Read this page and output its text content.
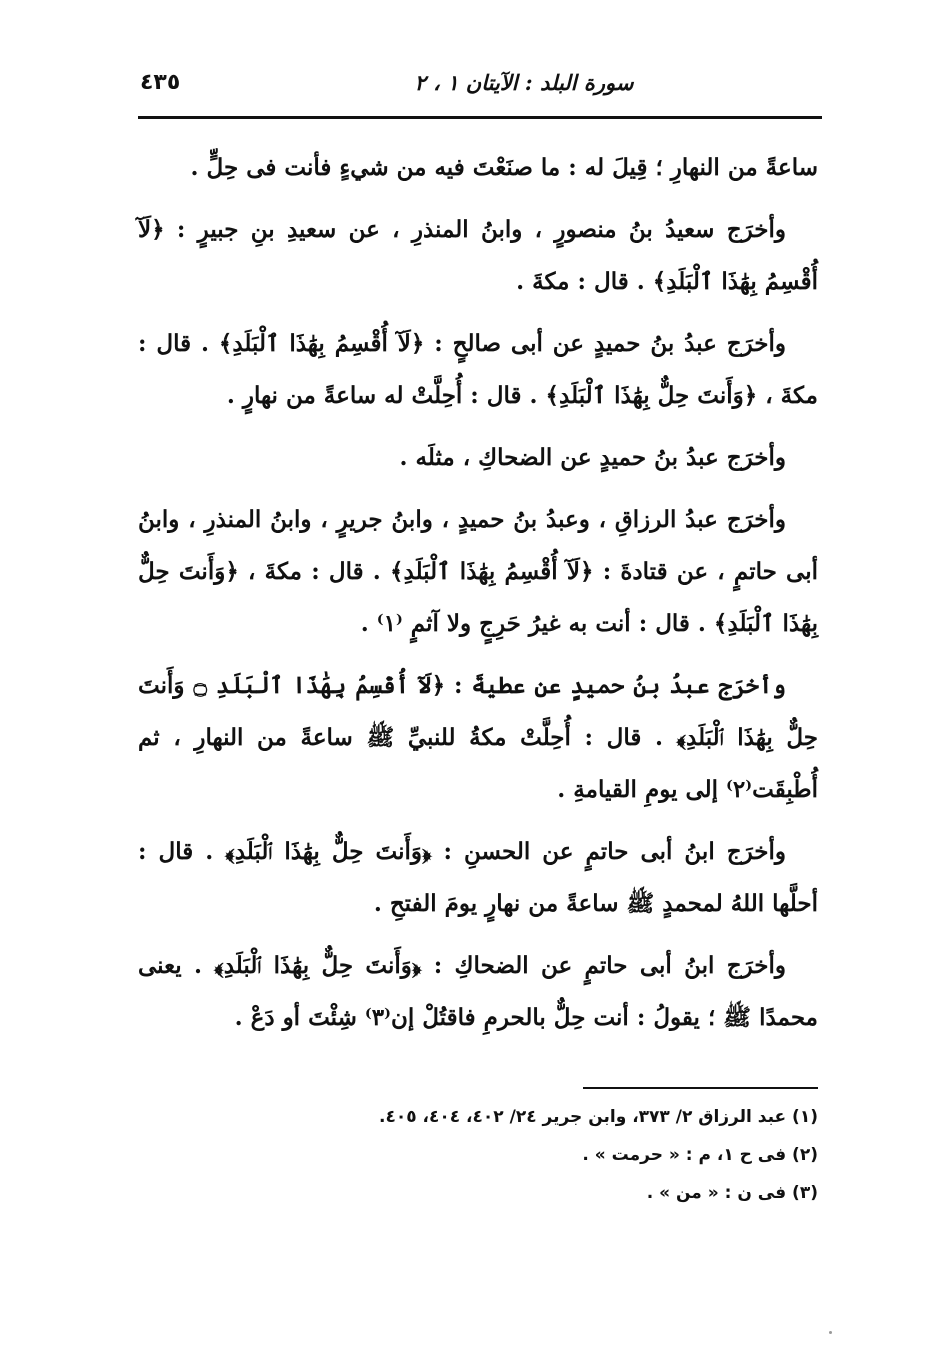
٤٣٥	سورة البلد : الآيتان ١ ، ٢

ساعةً من النهارِ ؛ قِيلَ له : ما صنَعْتَ فيه من شيءٍ فأنت فى حِلٍّ .

وأخرَج سعيدُ بنُ منصورٍ ، وابنُ المنذرِ ، عن سعيدِ بنِ جبيرٍ : ﴿لَآ أُقْسِمُ بِهَٰذَا ٱلْبَلَدِ﴾ . قال : مكةَ .

وأخرَج عبدُ بنُ حميدٍ عن أبى صالحٍ : ﴿لَآ أُقْسِمُ بِهَٰذَا ٱلْبَلَدِ﴾ . قال : مكةَ ، ﴿وَأَنتَ حِلٌّ بِهَٰذَا ٱلْبَلَدِ﴾ . قال : أُحِلَّتْ له ساعةً من نهارٍ .

وأخرَج عبدُ بنُ حميدٍ عن الضحاكِ ، مثلَه .

وأخرَج عبدُ الرزاقِ ، وعبدُ بنُ حميدٍ ، وابنُ جريرٍ ، وابنُ المنذرِ ، وابنُ أبى حاتمٍ ، عن قتادةَ : ﴿لَآ أُقْسِمُ بِهَٰذَا ٱلْبَلَدِ﴾ . قال : مكةَ ، ﴿وَأَنتَ حِلٌّ بِهَٰذَا ٱلْبَلَدِ﴾ . قال : أنت به غيرُ حَرِجٍ ولا آثمٍ ⁽١⁾ .

وأخرَج عبدُ بنُ حميدٍ عن عطيةَ : ﴿لَآ أُقْسِمُ بِهَٰذَا ٱلْبَلَدِ ۝ وَأَنتَ حِلٌّ بِهَٰذَا ٱلْبَلَدِ﴾ . قال : أُحِلَّتْ مكةُ للنبيِّ ﷺ ساعةً من النهارِ ، ثم أُطْبِقَت⁽٢⁾ إلى يومِ القيامةِ .

وأخرَج ابنُ أبى حاتمٍ عن الحسنِ : ﴿وَأَنتَ حِلٌّ بِهَٰذَا ٱلْبَلَدِ﴾ . قال : أحلَّها اللهُ لمحمدٍ ﷺ ساعةً من نهارٍ يومَ الفتحِ .

وأخرَج ابنُ أبى حاتمٍ عن الضحاكِ : ﴿وَأَنتَ حِلٌّ بِهَٰذَا ٱلْبَلَدِ﴾ . يعنى محمدًا ﷺ ؛ يقولُ : أنت حِلٌّ بالحرمِ فاقتُلْ إن⁽٣⁾ شِئْتَ أو دَعْ .

(١) عبد الرزاق ٢/ ٣٧٣، وابن جرير ٢٤/ ٤٠٢، ٤٠٤، ٤٠٥.
(٢) فى ح ١، م : « حرمت » .
(٣) فى ن : « من » .
